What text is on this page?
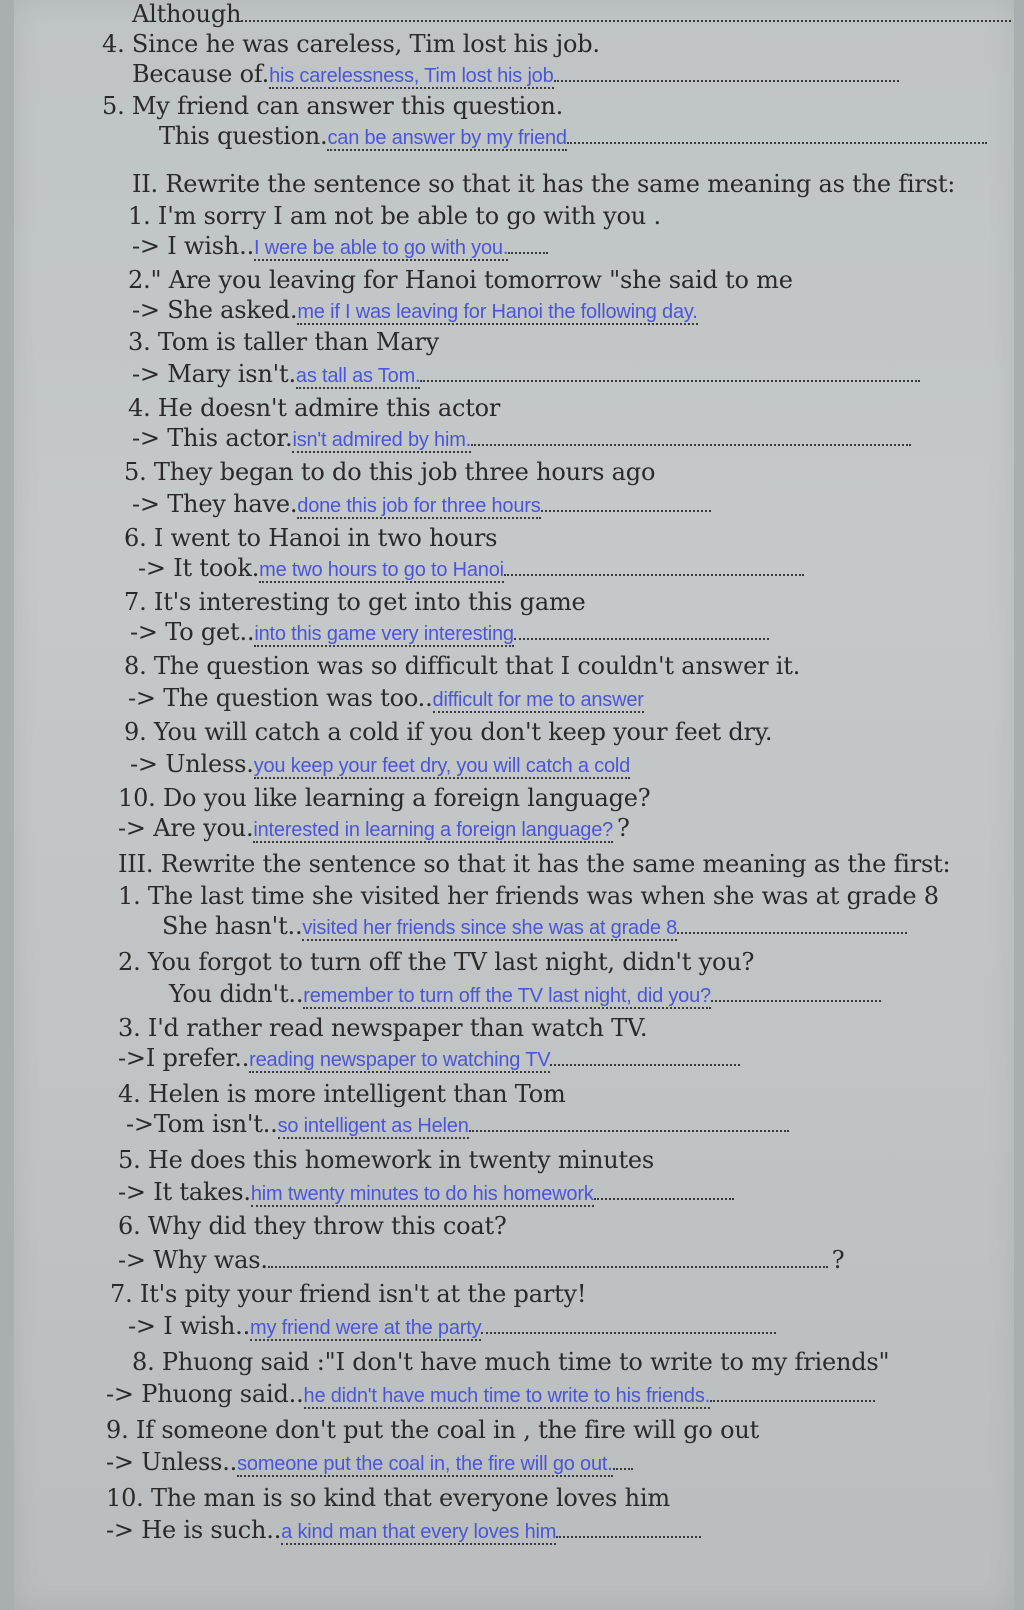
Although
4. Since he was careless, Tim lost his job.
Because of.his carelessness, Tim lost his job
5. My friend can answer this question.
This question.can be answer by my friend
II. Rewrite the sentence so that it has the same meaning as the first:
1. I'm sorry I am not be able to go with you .
-> I wish..I were be able to go with you.
2." Are you leaving for Hanoi tomorrow "she said to me
-> She asked.me if I was leaving for Hanoi the following day.
3. Tom is taller than Mary
-> Mary isn't.as tall as Tom.
4. He doesn't admire this actor
-> This actor.isn't admired by him.
5. They began to do this job three hours ago
-> They have.done this job for three hours
6. I went to Hanoi in two hours
-> It took.me two hours to go to Hanoi
7. It's interesting to get into this game
-> To get..into this game very interesting
8. The question was so difficult that I couldn't answer it.
-> The question was too..difficult for me to answer
9. You will catch a cold if you don't keep your feet dry.
-> Unless.you keep your feet dry, you will catch a cold
10. Do you like learning a foreign language?
-> Are you.interested in learning a foreign language? ?
III. Rewrite the sentence so that it has the same meaning as the first:
1. The last time she visited her friends was when she was at grade 8
She hasn't..visited her friends since she was at grade 8
2. You forgot to turn off the TV last night, didn't you?
You didn't..remember to turn off the TV last night, did you?
3. I'd rather read newspaper than watch TV.
->I prefer..reading newspaper to watching TV
4. Helen is more intelligent than Tom
->Tom isn't..so intelligent as Helen
5. He does this homework in twenty minutes
-> It takes.him twenty minutes to do his homework
6. Why did they throw this coat?
-> Why was.	?
7. It's pity your friend isn't at the party!
-> I wish..my friend were at the party
8. Phuong said :"I don't have much time to write to my friends"
-> Phuong said..he didn't have much time to write to his friends.
9. If someone don't put the coal in , the fire will go out
-> Unless..someone put the coal in, the fire will go out.
10. The man is so kind that everyone loves him
-> He is such..a kind man that every loves him
